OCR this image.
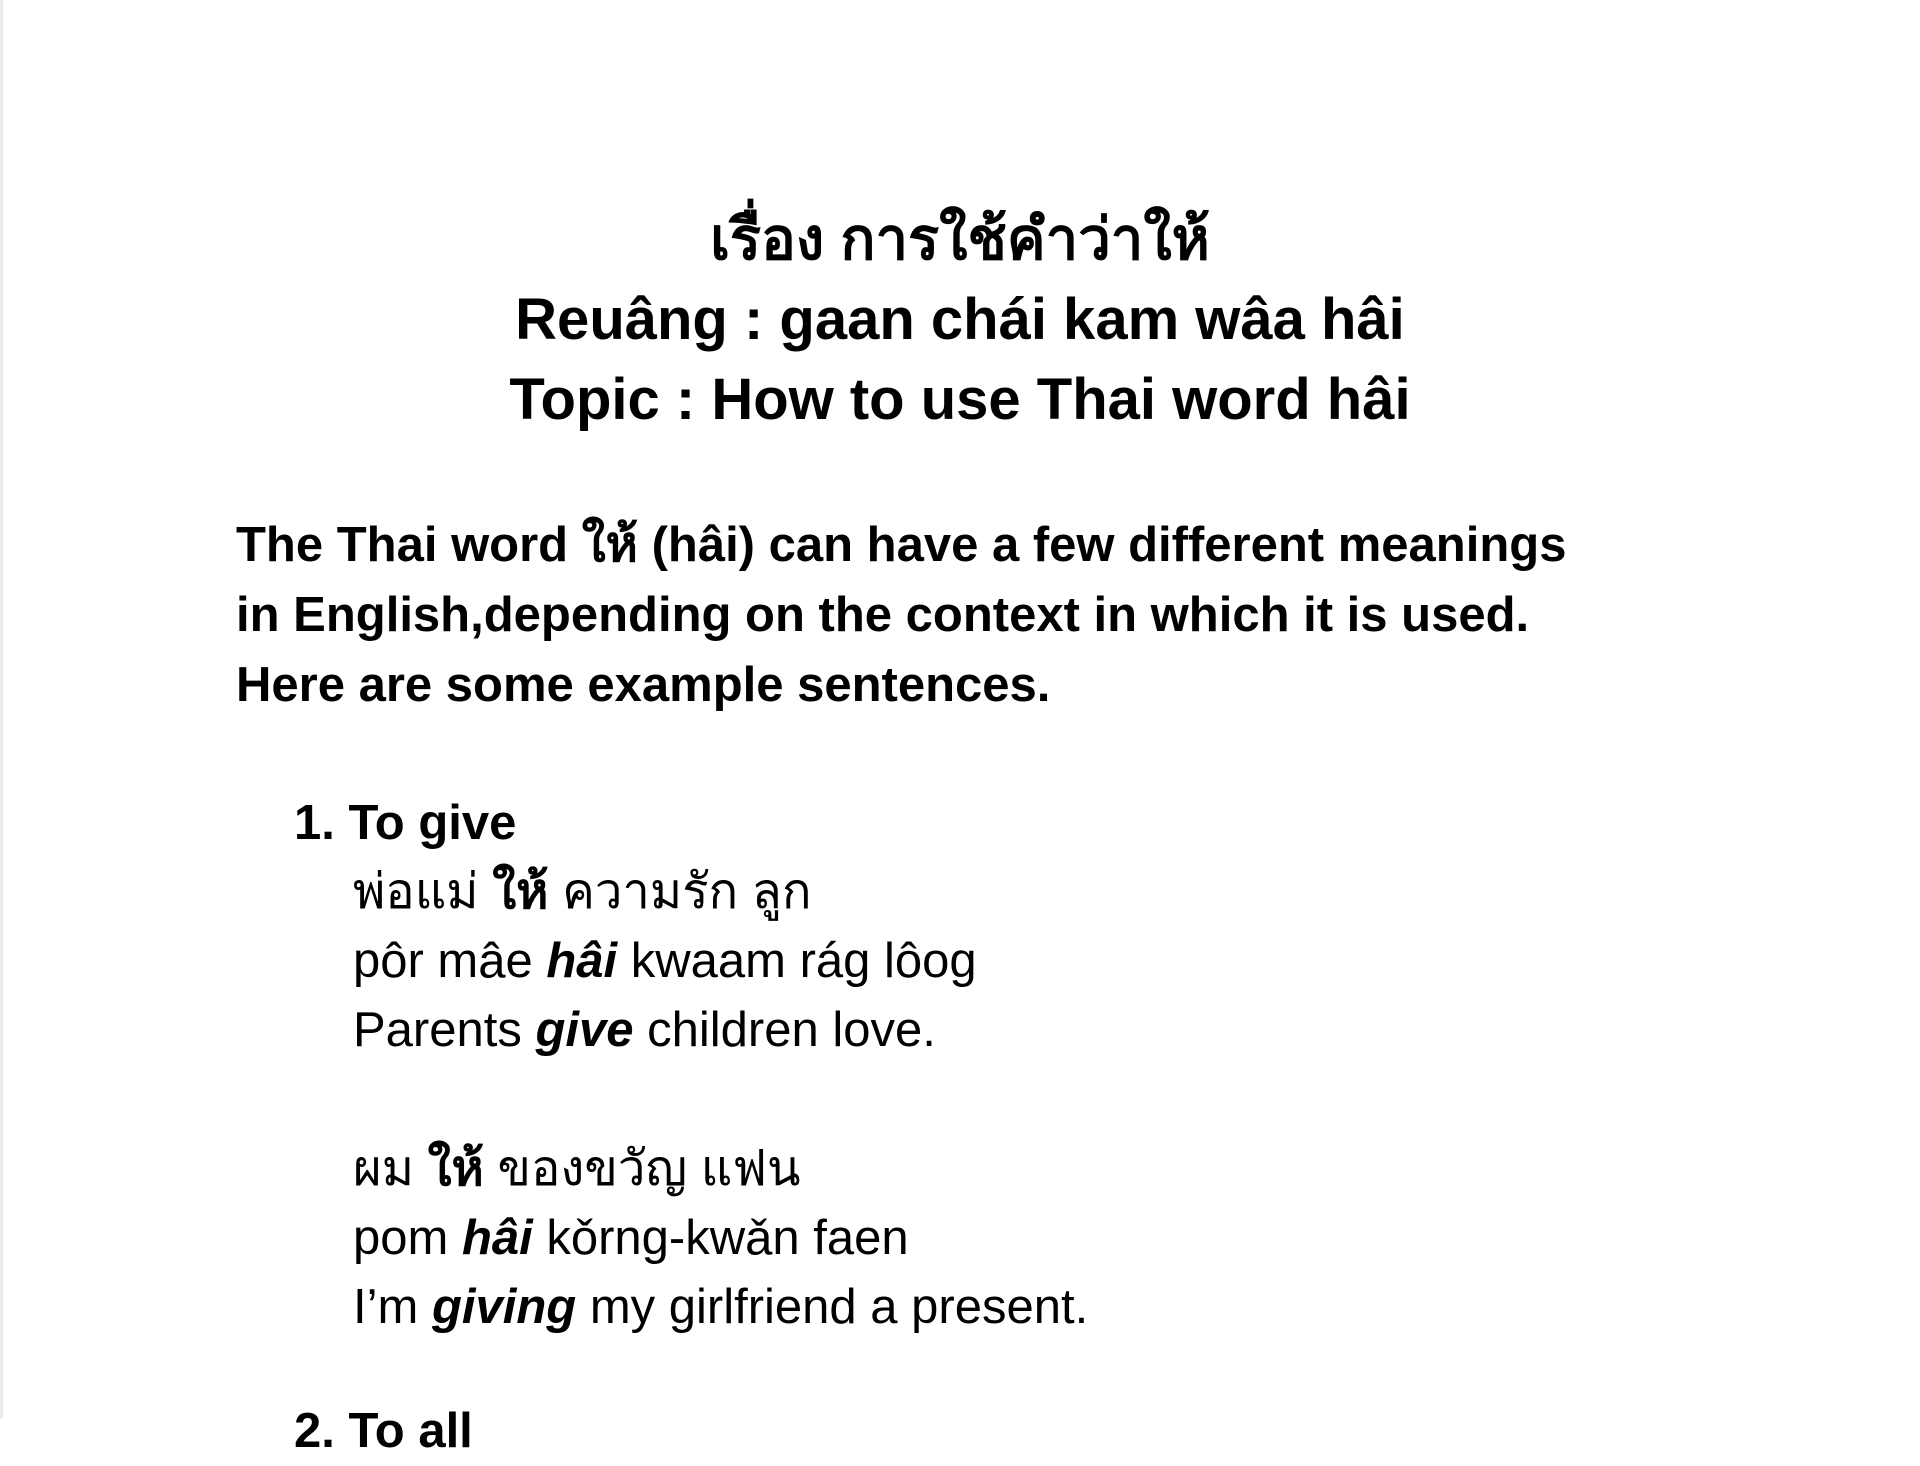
เรื่อง การใช้คำว่าให้
Reuâng : gaan chái kam wâa hâi
Topic : How to use Thai word hâi
The Thai word ให้ (hâi) can have a few different meanings
in English,depending on the context in which it is used.
Here are some example sentences.
1. To give
พ่อแม่ ให้ ความรัก ลูก
pôr mâe hâi kwaam rág lôog
Parents give children love.
ผม ให้ ของขวัญ แฟน
pom hâi kǒrng-kwǎn faen
I’m giving my girlfriend a present.
2. To all
